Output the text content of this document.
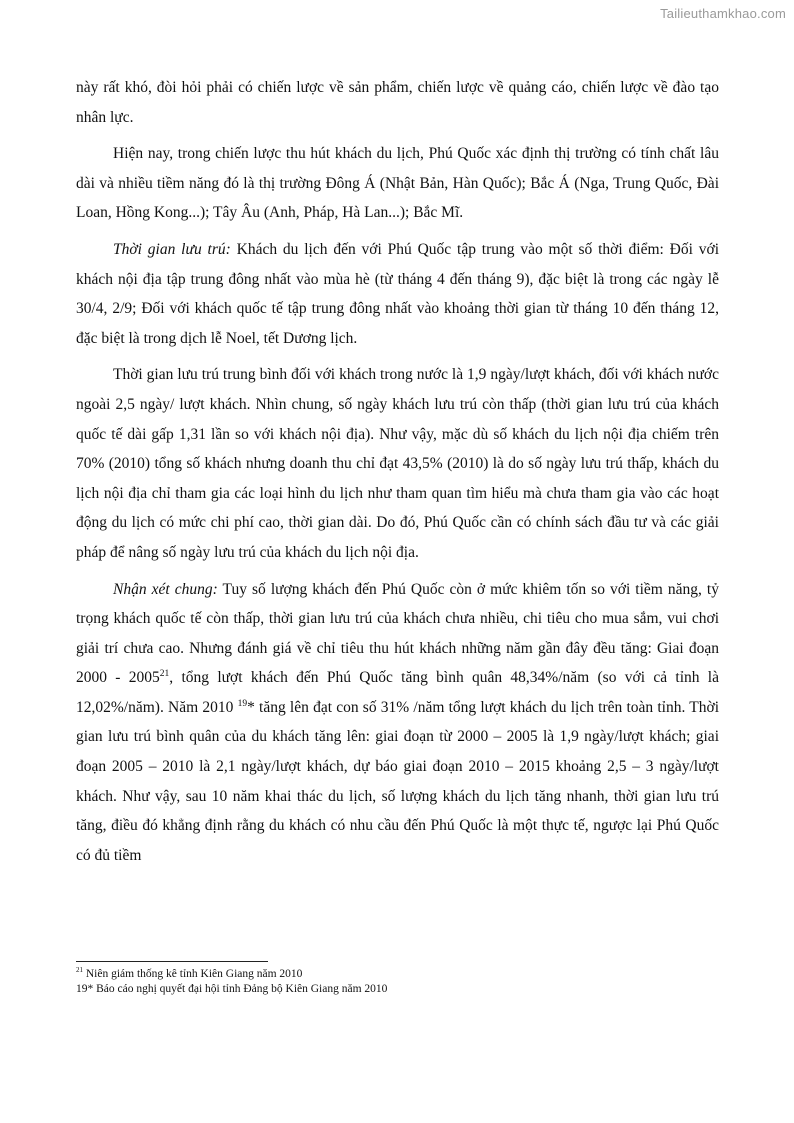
Tailieuthamkhao.com

này rất khó, đòi hỏi phải có chiến lược về sản phẩm, chiến lược về quảng cáo, chiến lược về đào tạo nhân lực.

Hiện nay, trong chiến lược thu hút khách du lịch, Phú Quốc xác định thị trường có tính chất lâu dài và nhiều tiềm năng đó là thị trường Đông Á (Nhật Bản, Hàn Quốc); Bắc Á (Nga, Trung Quốc, Đài Loan, Hồng Kong...); Tây Âu (Anh, Pháp, Hà Lan...); Bắc Mĩ.

Thời gian lưu trú: Khách du lịch đến với Phú Quốc tập trung vào một số thời điểm: Đối với khách nội địa tập trung đông nhất vào mùa hè (từ tháng 4 đến tháng 9), đặc biệt là trong các ngày lễ 30/4, 2/9; Đối với khách quốc tế tập trung đông nhất vào khoảng thời gian từ tháng 10 đến tháng 12, đặc biệt là trong dịch lễ Noel, tết Dương lịch.

Thời gian lưu trú trung bình đối với khách trong nước là 1,9 ngày/lượt khách, đối với khách nước ngoài 2,5 ngày/ lượt khách. Nhìn chung, số ngày khách lưu trú còn thấp (thời gian lưu trú của khách quốc tế dài gấp 1,31 lần so với khách nội địa). Như vậy, mặc dù số khách du lịch nội địa chiếm trên 70% (2010) tổng số khách nhưng doanh thu chỉ đạt 43,5% (2010) là do số ngày lưu trú thấp, khách du lịch nội địa chỉ tham gia các loại hình du lịch như tham quan tìm hiểu mà chưa tham gia vào các hoạt động du lịch có mức chi phí cao, thời gian dài. Do đó, Phú Quốc cần có chính sách đầu tư và các giải pháp để nâng số ngày lưu trú của khách du lịch nội địa.

Nhận xét chung: Tuy số lượng khách đến Phú Quốc còn ở mức khiêm tốn so với tiềm năng, tỷ trọng khách quốc tế còn thấp, thời gian lưu trú của khách chưa nhiều, chi tiêu cho mua sắm, vui chơi giải trí chưa cao. Nhưng đánh giá về chỉ tiêu thu hút khách những năm gần đây đều tăng: Giai đoạn 2000 - 2005$^{21}$, tổng lượt khách đến Phú Quốc tăng bình quân 48,34%/năm (so với cả tỉnh là 12,02%/năm). Năm 2010 $^{19}$* tăng lên đạt con số 31% /năm tổng lượt khách du lịch trên toàn tỉnh. Thời gian lưu trú bình quân của du khách tăng lên: giai đoạn từ 2000 – 2005 là 1,9 ngày/lượt khách; giai đoạn 2005 – 2010 là 2,1 ngày/lượt khách, dự báo giai đoạn 2010 – 2015 khoảng 2,5 – 3 ngày/lượt khách. Như vậy, sau 10 năm khai thác du lịch, số lượng khách du lịch tăng nhanh, thời gian lưu trú tăng, điều đó khẳng định rằng du khách có nhu cầu đến Phú Quốc là một thực tế, ngược lại Phú Quốc có đủ tiềm

$^{21}$ Niên giám thống kê tỉnh Kiên Giang năm 2010
19* Báo cáo nghị quyết đại hội tỉnh Đảng bộ Kiên Giang năm 2010
